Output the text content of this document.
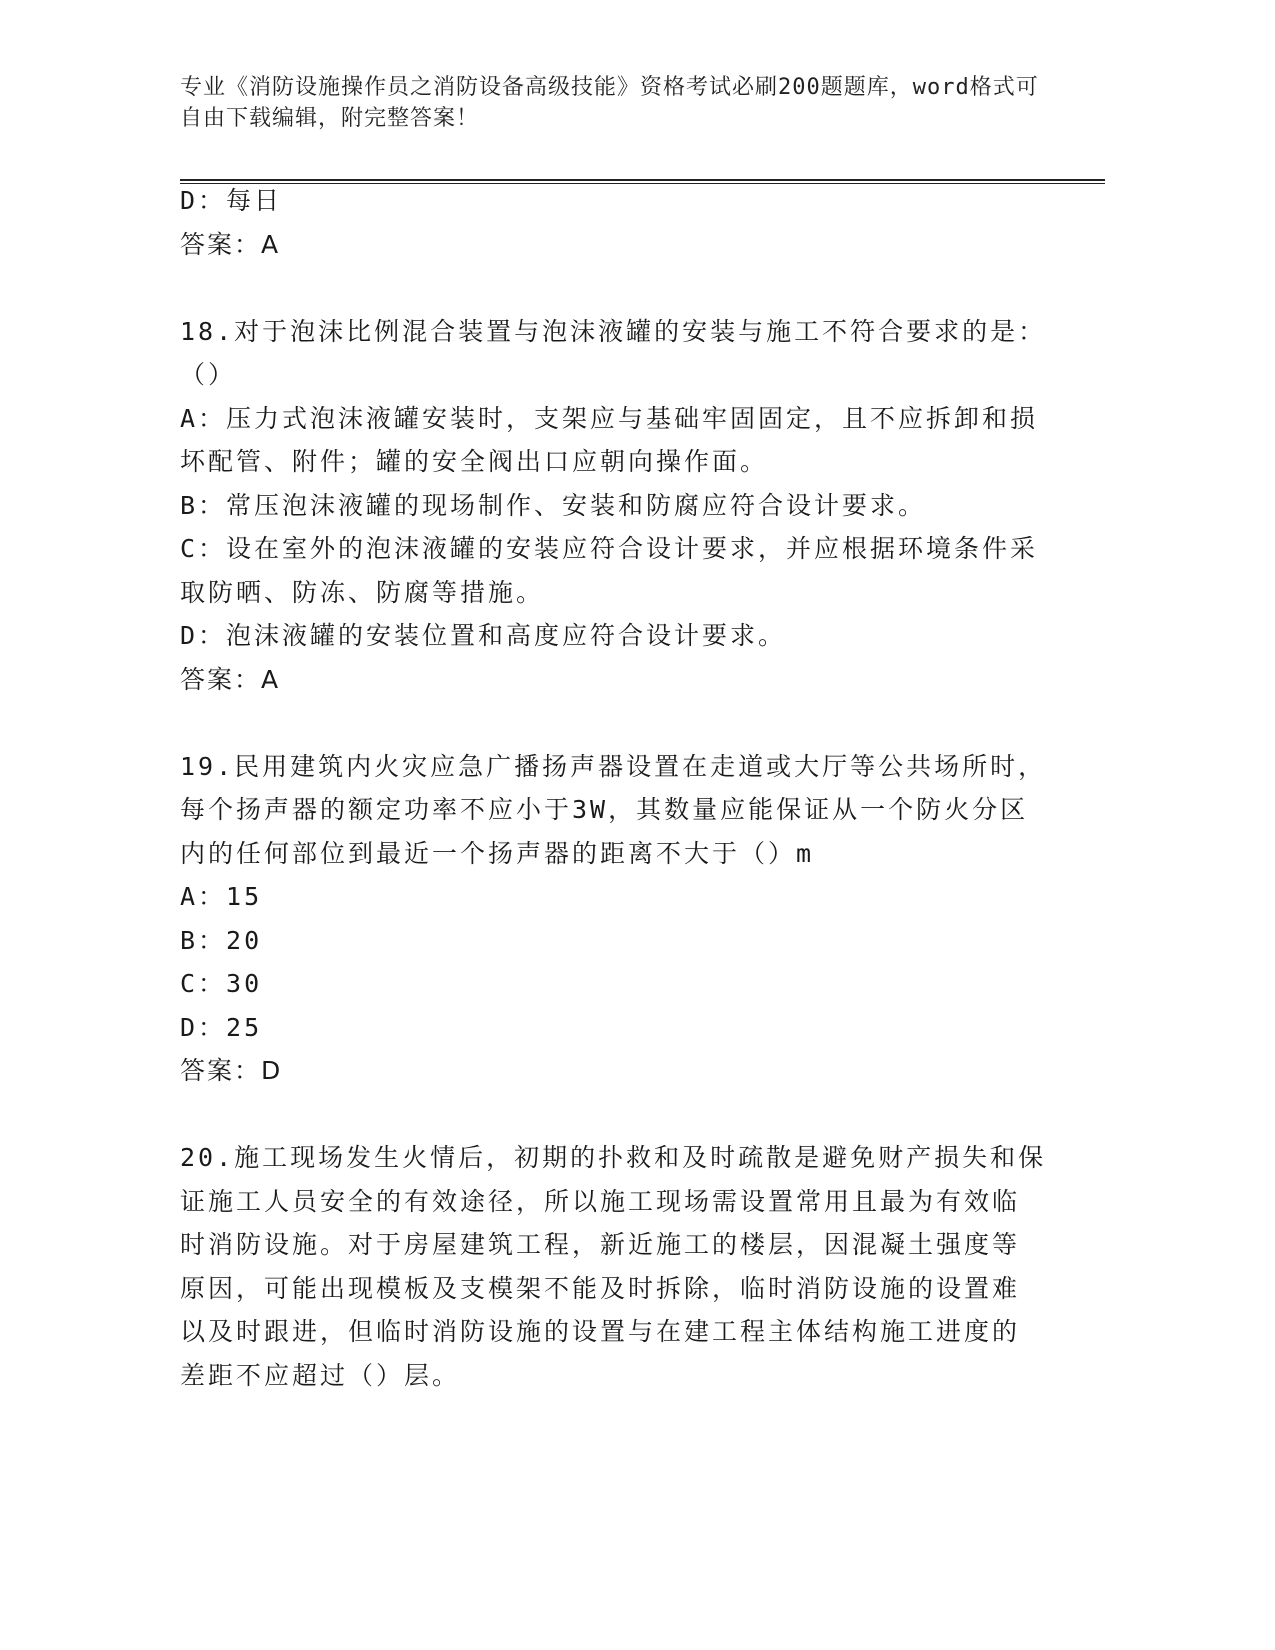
专业《消防设施操作员之消防设备高级技能》资格考试必刷200题题库，word格式可自由下载编辑，附完整答案！
D：每日
答案：A
18.对于泡沫比例混合装置与泡沫液罐的安装与施工不符合要求的是：
（）
A：压力式泡沫液罐安装时，支架应与基础牢固固定，且不应拆卸和损
坏配管、附件；罐的安全阀出口应朝向操作面。
B：常压泡沫液罐的现场制作、安装和防腐应符合设计要求。
C：设在室外的泡沫液罐的安装应符合设计要求，并应根据环境条件采
取防晒、防冻、防腐等措施。
D：泡沫液罐的安装位置和高度应符合设计要求。
答案：A
19.民用建筑内火灾应急广播扬声器设置在走道或大厅等公共场所时，
每个扬声器的额定功率不应小于3W，其数量应能保证从一个防火分区
内的任何部位到最近一个扬声器的距离不大于（）m
A：15
B：20
C：30
D：25
答案：D
20.施工现场发生火情后，初期的扑救和及时疏散是避免财产损失和保
证施工人员安全的有效途径，所以施工现场需设置常用且最为有效临
时消防设施。对于房屋建筑工程，新近施工的楼层，因混凝土强度等
原因，可能出现模板及支模架不能及时拆除，临时消防设施的设置难
以及时跟进，但临时消防设施的设置与在建工程主体结构施工进度的
差距不应超过（）层。
